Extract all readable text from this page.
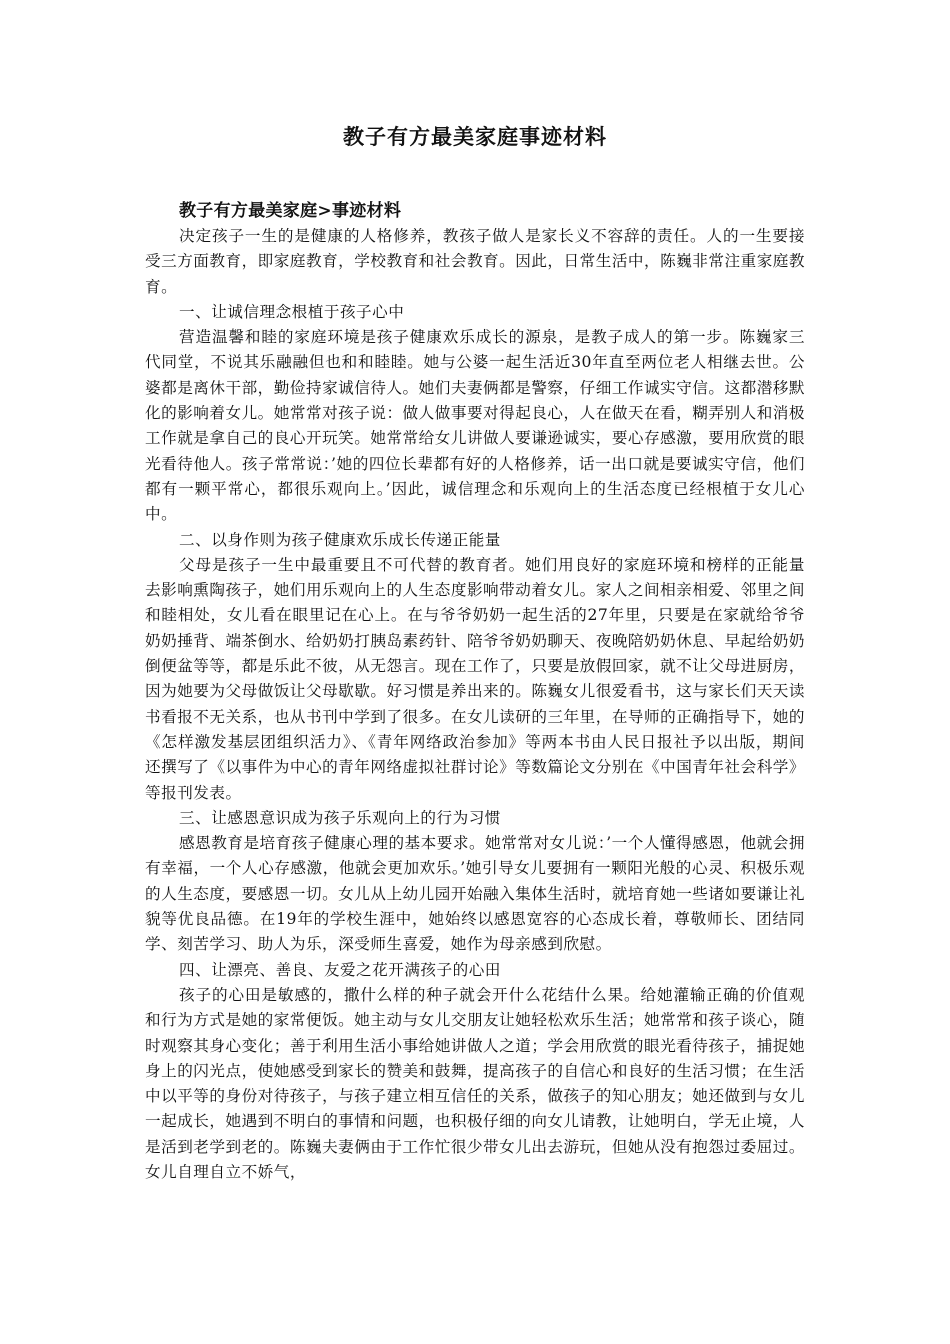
教子有方最美家庭事迹材料

教子有方最美家庭>事迹材料

决定孩子一生的是健康的人格修养，教孩子做人是家长义不容辞的责任。人的一生要接受三方面教育，即家庭教育，学校教育和社会教育。因此，日常生活中，陈巍非常注重家庭教育。

一、让诚信理念根植于孩子心中

营造温馨和睦的家庭环境是孩子健康欢乐成长的源泉，是教子成人的第一步。陈巍家三代同堂，不说其乐融融但也和和睦睦。她与公婆一起生活近30年直至两位老人相继去世。公婆都是离休干部，勤俭持家诚信待人。她们夫妻俩都是警察，仔细工作诚实守信。这都潜移默化的影响着女儿。她常常对孩子说：做人做事要对得起良心，人在做天在看，糊弄别人和消极工作就是拿自己的良心开玩笑。她常常给女儿讲做人要谦逊诚实，要心存感激，要用欣赏的眼光看待他人。孩子常常说：’她的四位长辈都有好的人格修养，话一出口就是要诚实守信，他们都有一颗平常心，都很乐观向上。’因此，诚信理念和乐观向上的生活态度已经根植于女儿心中。

二、以身作则为孩子健康欢乐成长传递正能量

父母是孩子一生中最重要且不可代替的教育者。她们用良好的家庭环境和榜样的正能量去影响熏陶孩子，她们用乐观向上的人生态度影响带动着女儿。家人之间相亲相爱、邻里之间和睦相处，女儿看在眼里记在心上。在与爷爷奶奶一起生活的27年里，只要是在家就给爷爷奶奶捶背、端茶倒水、给奶奶打胰岛素药针、陪爷爷奶奶聊天、夜晚陪奶奶休息、早起给奶奶倒便盆等等，都是乐此不彼，从无怨言。现在工作了，只要是放假回家，就不让父母进厨房，因为她要为父母做饭让父母歇歇。好习惯是养出来的。陈巍女儿很爱看书，这与家长们天天读书看报不无关系，也从书刊中学到了很多。在女儿读研的三年里，在导师的正确指导下，她的《怎样激发基层团组织活力》、《青年网络政治参加》等两本书由人民日报社予以出版，期间还撰写了《以事件为中心的青年网络虚拟社群讨论》等数篇论文分别在《中国青年社会科学》等报刊发表。

三、让感恩意识成为孩子乐观向上的行为习惯

感恩教育是培育孩子健康心理的基本要求。她常常对女儿说：’一个人懂得感恩，他就会拥有幸福，一个人心存感激，他就会更加欢乐。’她引导女儿要拥有一颗阳光般的心灵、积极乐观的人生态度，要感恩一切。女儿从上幼儿园开始融入集体生活时，就培育她一些诸如要谦让礼貌等优良品德。在19年的学校生涯中，她始终以感恩宽容的心态成长着，尊敬师长、团结同学、刻苦学习、助人为乐，深受师生喜爱，她作为母亲感到欣慰。

四、让漂亮、善良、友爱之花开满孩子的心田

孩子的心田是敏感的，撒什么样的种子就会开什么花结什么果。给她灌输正确的价值观和行为方式是她的家常便饭。她主动与女儿交朋友让她轻松欢乐生活；她常常和孩子谈心，随时观察其身心变化；善于利用生活小事给她讲做人之道；学会用欣赏的眼光看待孩子，捕捉她身上的闪光点，使她感受到家长的赞美和鼓舞，提高孩子的自信心和良好的生活习惯；在生活中以平等的身份对待孩子，与孩子建立相互信任的关系，做孩子的知心朋友；她还做到与女儿一起成长，她遇到不明白的事情和问题，也积极仔细的向女儿请教，让她明白，学无止境，人是活到老学到老的。陈巍夫妻俩由于工作忙很少带女儿出去游玩，但她从没有抱怨过委屈过。女儿自理自立不娇气，
